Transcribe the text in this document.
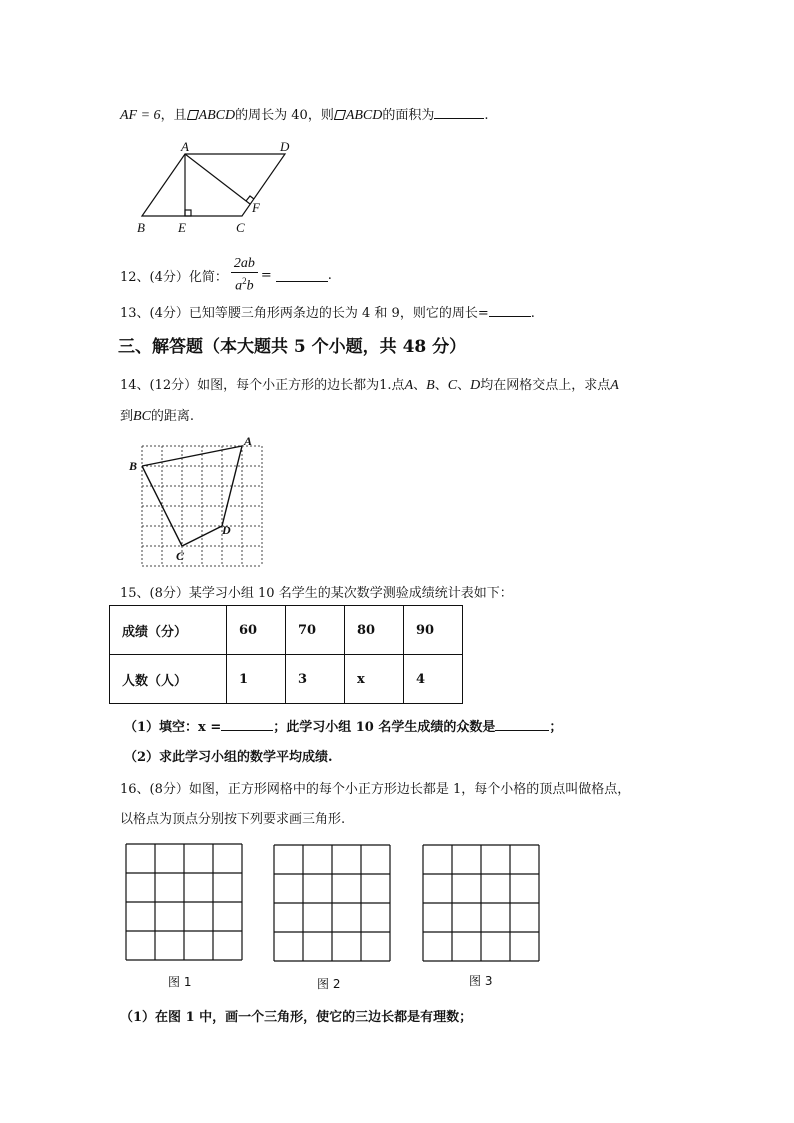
AF = 6，且 ABCD的周长为 40，则 ABCD的面积为	.
A	D
B	E	C
F
12、(4分）化简： $\frac{2ab}{a^2b}$ =	.
13、(4分）已知等腰三角形两条边的长为 4 和 9，则它的周长=	.
三、解答题（本大题共 5 个小题，共 48 分）
14、(12分）如图，每个小正方形的边长都为1.点A、B、C、D均在网格交点上，求点A
到BC的距离.
A
B
C
D
15、(8分）某学习小组 10 名学生的某次数学测验成绩统计表如下：
成绩（分）	60	70	80	90
人数（人）	1	3	x	4
（1）填空：x =	；此学习小组 10 名学生成绩的众数是	；
（2）求此学习小组的数学平均成绩.
16、(8分）如图，正方形网格中的每个小正方形边长都是 1，每个小格的顶点叫做格点，
以格点为顶点分别按下列要求画三角形.
图 1	图 2	图 3
（1）在图 1 中，画一个三角形，使它的三边长都是有理数；
